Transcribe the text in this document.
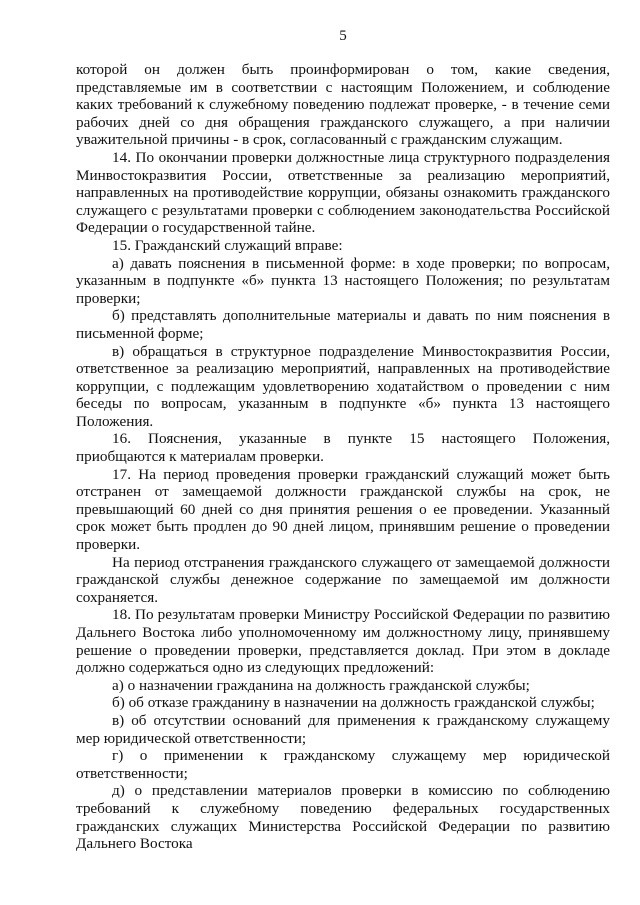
5

которой он должен быть проинформирован о том, какие сведения, представляемые им в соответствии с настоящим Положением, и соблюдение каких требований к служебному поведению подлежат проверке, - в течение семи рабочих дней со дня обращения гражданского служащего, а при наличии уважительной причины - в срок, согласованный с гражданским служащим.

14. По окончании проверки должностные лица структурного подразделения Минвостокразвития России, ответственные за реализацию мероприятий, направленных на противодействие коррупции, обязаны ознакомить гражданского служащего с результатами проверки с соблюдением законодательства Российской Федерации о государственной тайне.

15. Гражданский служащий вправе:

а) давать пояснения в письменной форме: в ходе проверки; по вопросам, указанным в подпункте «б» пункта 13 настоящего Положения; по результатам проверки;

б) представлять дополнительные материалы и давать по ним пояснения в письменной форме;

в) обращаться в структурное подразделение Минвостокразвития России, ответственное за реализацию мероприятий, направленных на противодействие коррупции, с подлежащим удовлетворению ходатайством о проведении с ним беседы по вопросам, указанным в подпункте «б» пункта 13 настоящего Положения.

16. Пояснения, указанные в пункте 15 настоящего Положения, приобщаются к материалам проверки.

17. На период проведения проверки гражданский служащий может быть отстранен от замещаемой должности гражданской службы на срок, не превышающий 60 дней со дня принятия решения о ее проведении. Указанный срок может быть продлен до 90 дней лицом, принявшим решение о проведении проверки.

На период отстранения гражданского служащего от замещаемой должности гражданской службы денежное содержание по замещаемой им должности сохраняется.

18. По результатам проверки Министру Российской Федерации по развитию Дальнего Востока либо уполномоченному им должностному лицу, принявшему решение о проведении проверки, представляется доклад. При этом в докладе должно содержаться одно из следующих предложений:

а) о назначении гражданина на должность гражданской службы;

б) об отказе гражданину в назначении на должность гражданской службы;

в) об отсутствии оснований для применения к гражданскому служащему мер юридической ответственности;

г) о применении к гражданскому служащему мер юридической ответственности;

д) о представлении материалов проверки в комиссию по соблюдению требований к служебному поведению федеральных государственных гражданских служащих Министерства Российской Федерации по развитию Дальнего Востока
